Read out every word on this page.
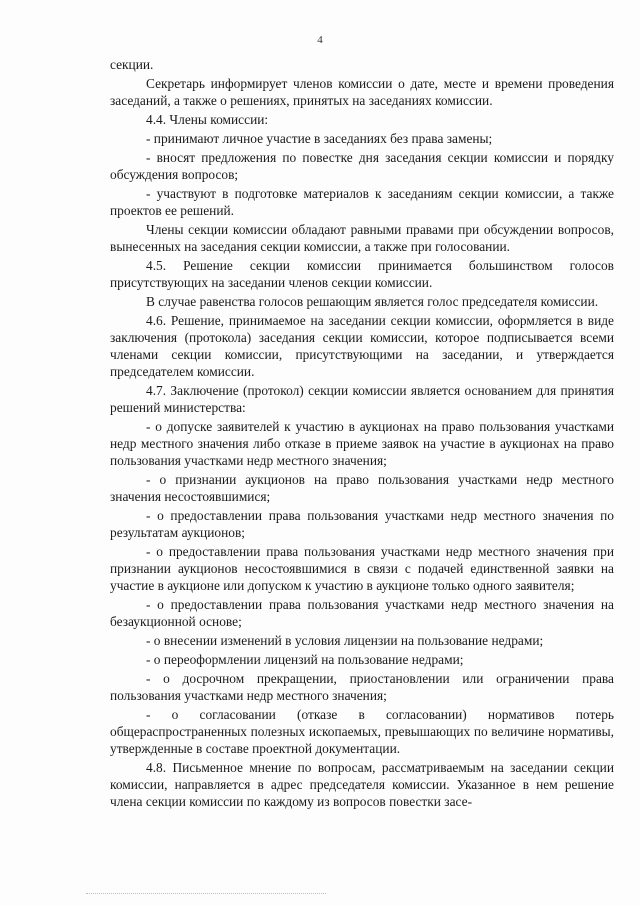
4

секции.

Секретарь информирует членов комиссии о дате, месте и времени проведения заседаний, а также о решениях, принятых на заседаниях комиссии.

4.4. Члены комиссии:

- принимают личное участие в заседаниях без права замены;

- вносят предложения по повестке дня заседания секции комиссии и порядку обсуждения вопросов;

- участвуют в подготовке материалов к заседаниям секции комиссии, а также проектов ее решений.

Члены секции комиссии обладают равными правами при обсуждении вопросов, вынесенных на заседания секции комиссии, а также при голосовании.

4.5. Решение секции комиссии принимается большинством голосов присутствующих на заседании членов секции комиссии.

В случае равенства голосов решающим является голос председателя комиссии.

4.6. Решение, принимаемое на заседании секции комиссии, оформляется в виде заключения (протокола) заседания секции комиссии, которое подписывается всеми членами секции комиссии, присутствующими на заседании, и утверждается председателем комиссии.

4.7. Заключение (протокол) секции комиссии является основанием для принятия решений министерства:

- о допуске заявителей к участию в аукционах на право пользования участками недр местного значения либо отказе в приеме заявок на участие в аукционах на право пользования участками недр местного значения;

- о признании аукционов на право пользования участками недр местного значения несостоявшимися;

- о предоставлении права пользования участками недр местного значения по результатам аукционов;

- о предоставлении права пользования участками недр местного значения при признании аукционов несостоявшимися в связи с подачей единственной заявки на участие в аукционе или допуском к участию в аукционе только одного заявителя;

- о предоставлении права пользования участками недр местного значения на безаукционной основе;

- о внесении изменений в условия лицензии на пользование недрами;

- о переоформлении лицензий на пользование недрами;

- о досрочном прекращении, приостановлении или ограничении права пользования участками недр местного значения;

- о согласовании (отказе в согласовании) нормативов потерь общераспространенных полезных ископаемых, превышающих по величине нормативы, утвержденные в составе проектной документации.

4.8. Письменное мнение по вопросам, рассматриваемым на заседании секции комиссии, направляется в адрес председателя комиссии. Указанное в нем решение члена секции комиссии по каждому из вопросов повестки засе-
